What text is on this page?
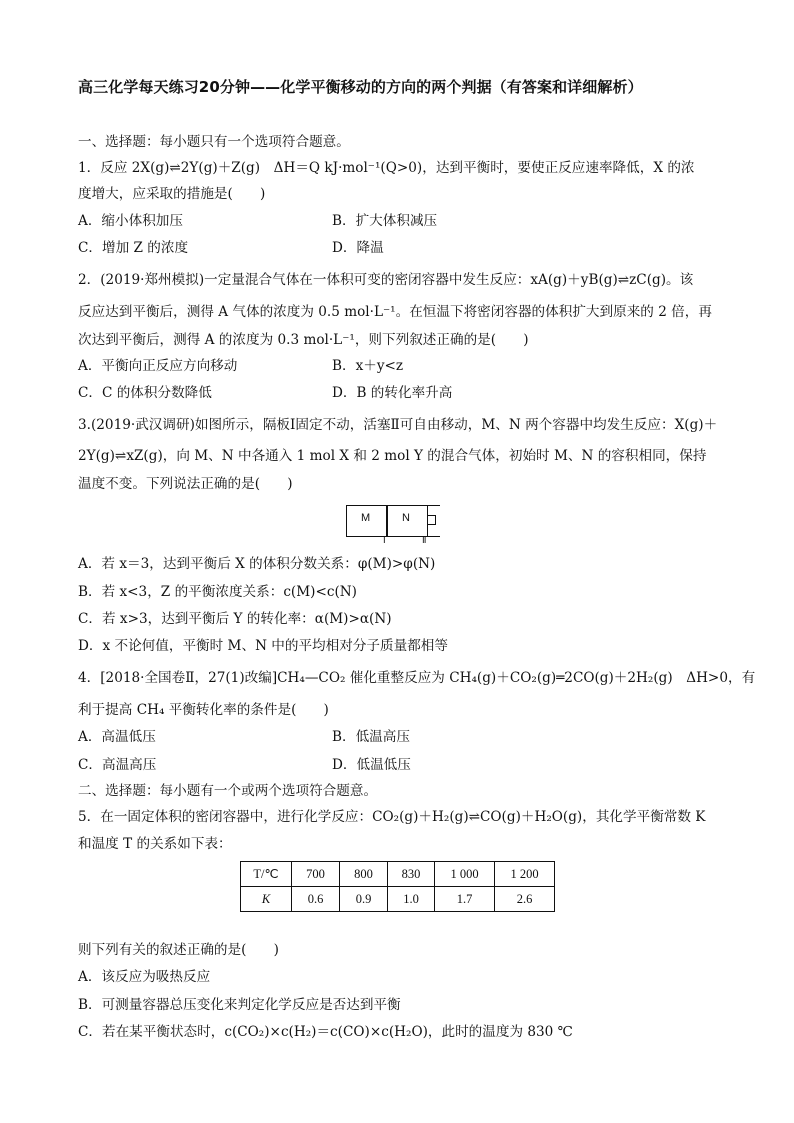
高三化学每天练习20分钟——化学平衡移动的方向的两个判据（有答案和详细解析）
一、选择题：每小题只有一个选项符合题意。
1．反应 2X(g)⇌2Y(g)＋Z(g)　ΔH＝Q kJ·mol⁻¹(Q>0)，达到平衡时，要使正反应速率降低，X 的浓
度增大，应采取的措施是(　　)
A．缩小体积加压	B．扩大体积减压
C．增加 Z 的浓度	D．降温
2．(2019·郑州模拟)一定量混合气体在一体积可变的密闭容器中发生反应：xA(g)＋yB(g)⇌zC(g)。该
反应达到平衡后，测得 A 气体的浓度为 0.5 mol·L⁻¹。在恒温下将密闭容器的体积扩大到原来的 2 倍，再
次达到平衡后，测得 A 的浓度为 0.3 mol·L⁻¹，则下列叙述正确的是(　　)
A．平衡向正反应方向移动	B．x＋y<z
C．C 的体积分数降低	D．B 的转化率升高
3.(2019·武汉调研)如图所示，隔板Ⅰ固定不动，活塞Ⅱ可自由移动，M、N 两个容器中均发生反应：X(g)＋
2Y(g)⇌xZ(g)，向 M、N 中各通入 1 mol X 和 2 mol Y 的混合气体，初始时 M、N 的容积相同，保持
温度不变。下列说法正确的是(　　)
M	N
Ⅰ	Ⅱ
A．若 x＝3，达到平衡后 X 的体积分数关系：φ(M)>φ(N)
B．若 x<3，Z 的平衡浓度关系：c(M)<c(N)
C．若 x>3，达到平衡后 Y 的转化率：α(M)>α(N)
D．x 不论何值，平衡时 M、N 中的平均相对分子质量都相等
4．[2018·全国卷Ⅱ，27(1)改编]CH₄—CO₂ 催化重整反应为 CH₄(g)＋CO₂(g)═2CO(g)＋2H₂(g)　ΔH>0，有
利于提高 CH₄ 平衡转化率的条件是(　　)
A．高温低压	B．低温高压
C．高温高压	D．低温低压
二、选择题：每小题有一个或两个选项符合题意。
5．在一固定体积的密闭容器中，进行化学反应：CO₂(g)＋H₂(g)⇌CO(g)＋H₂O(g)，其化学平衡常数 K
和温度 T 的关系如下表：
T/℃	700	800	830	1 000	1 200
K	0.6	0.9	1.0	1.7	2.6
则下列有关的叙述正确的是(　　)
A．该反应为吸热反应
B．可测量容器总压变化来判定化学反应是否达到平衡
C．若在某平衡状态时，c(CO₂)×c(H₂)＝c(CO)×c(H₂O)，此时的温度为 830 ℃
